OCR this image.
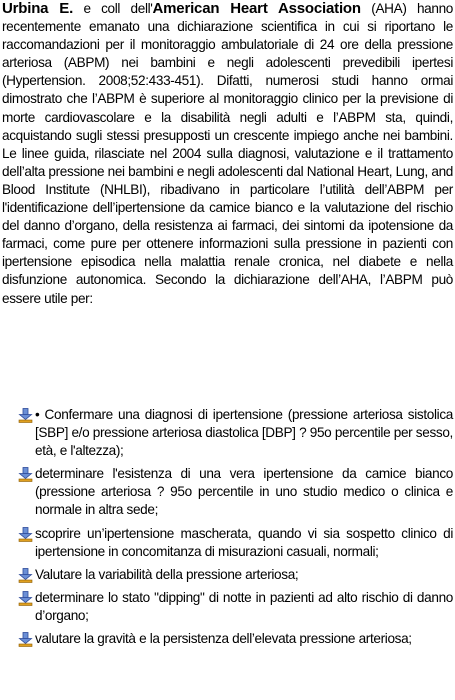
Urbina E. e coll dell'American Heart Association (AHA) hanno recentemente emanato una dichiarazione scientifica in cui si riportano le raccomandazioni per il monitoraggio ambulatoriale di 24 ore della pressione arteriosa (ABPM) nei bambini e negli adolescenti prevedibili ipertesi (Hypertension. 2008;52:433-451). Difatti, numerosi studi hanno ormai dimostrato che l’ABPM è superiore al monitoraggio clinico per la previsione di morte cardiovascolare e la disabilità negli adulti e l’ABPM sta, quindi, acquistando sugli stessi presupposti un crescente impiego anche nei bambini. Le linee guida, rilasciate nel 2004 sulla diagnosi, valutazione e il trattamento dell’alta pressione nei bambini e negli adolescenti dal National Heart, Lung, and Blood Institute (NHLBI), ribadivano in particolare l’utilità dell’ABPM per l'identificazione dell’ipertensione da camice bianco e la valutazione del rischio del danno d’organo, della resistenza ai farmaci, dei sintomi da ipotensione da farmaci, come pure per ottenere informazioni sulla pressione in pazienti con ipertensione episodica nella malattia renale cronica, nel diabete e nella disfunzione autonomica. Secondo la dichiarazione dell’AHA, l’ABPM può essere utile per:

• Confermare una diagnosi di ipertensione (pressione arteriosa sistolica [SBP] e/o pressione arteriosa diastolica [DBP] ? 95o percentile per sesso, età, e l'altezza);
determinare l'esistenza di una vera ipertensione da camice bianco (pressione arteriosa ? 95o percentile in uno studio medico o clinica e normale in altra sede;
scoprire un’ipertensione mascherata, quando vi sia sospetto clinico di ipertensione in concomitanza di misurazioni casuali, normali;
Valutare la variabilità della pressione arteriosa;
determinare lo stato "dipping" di notte in pazienti ad alto rischio di danno d’organo;
valutare la gravità e la persistenza dell’elevata pressione arteriosa;
